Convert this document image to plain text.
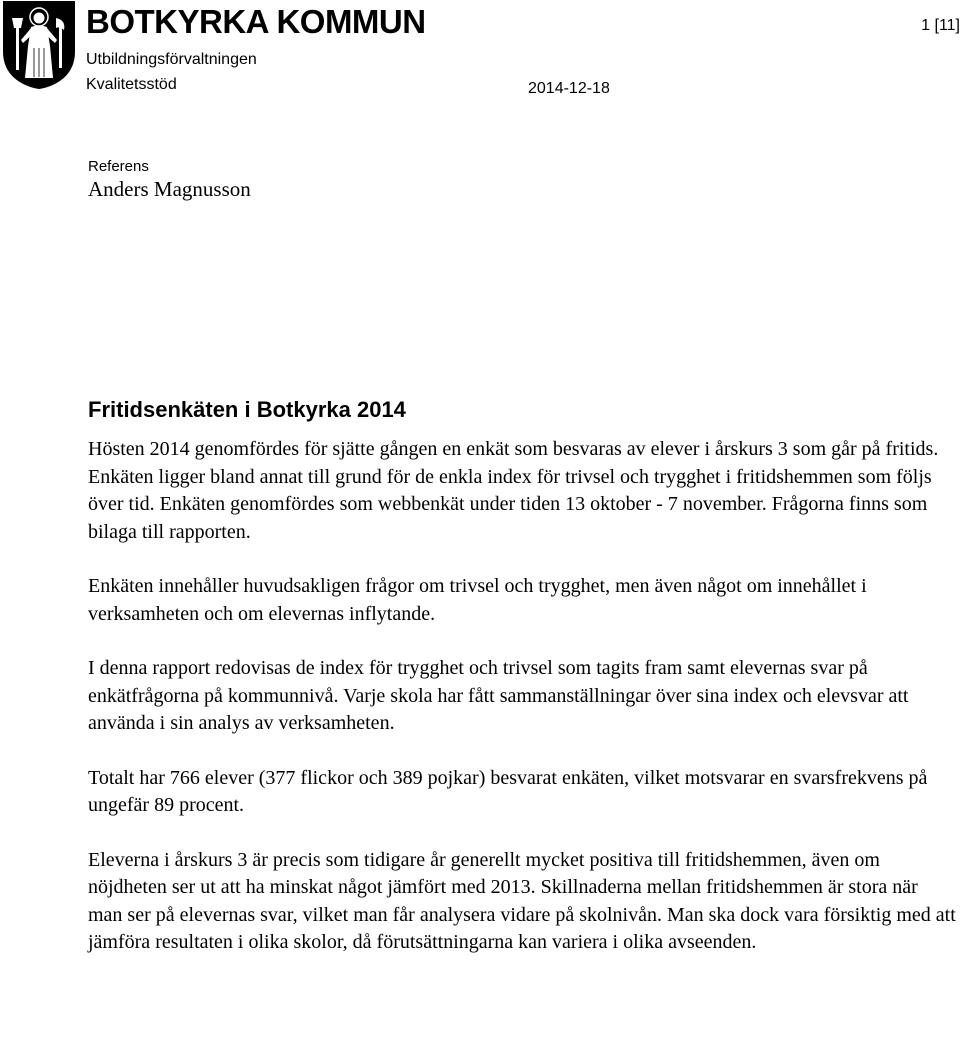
BOTKYRKA KOMMUN
Utbildningsförvaltningen
Kvalitetsstöd	2014-12-18
1 [11]
Referens
Anders Magnusson
Fritidsenkäten i Botkyrka 2014

Hösten 2014 genomfördes för sjätte gången en enkät som besvaras av elever i årskurs 3 som går på fritids. Enkäten ligger bland annat till grund för de enkla index för trivsel och trygghet i fritidshemmen som följs över tid. Enkäten genomfördes som webbenkät under tiden 13 oktober - 7 november. Frågorna finns som bilaga till rapporten.

Enkäten innehåller huvudsakligen frågor om trivsel och trygghet, men även något om innehållet i verksamheten och om elevernas inflytande.

I denna rapport redovisas de index för trygghet och trivsel som tagits fram samt elevernas svar på enkätfrågorna på kommunnivå. Varje skola har fått sammanställningar över sina index och elevsvar att använda i sin analys av verksamheten.

Totalt har 766 elever (377 flickor och 389 pojkar) besvarat enkäten, vilket motsvarar en svarsfrekvens på ungefär 89 procent.

Eleverna i årskurs 3 är precis som tidigare år generellt mycket positiva till fritidshemmen, även om nöjdheten ser ut att ha minskat något jämfört med 2013. Skillnaderna mellan fritidshemmen är stora när man ser på elevernas svar, vilket man får analysera vidare på skolnivån. Man ska dock vara försiktig med att jämföra resultaten i olika skolor, då förutsättningarna kan variera i olika avseenden.
